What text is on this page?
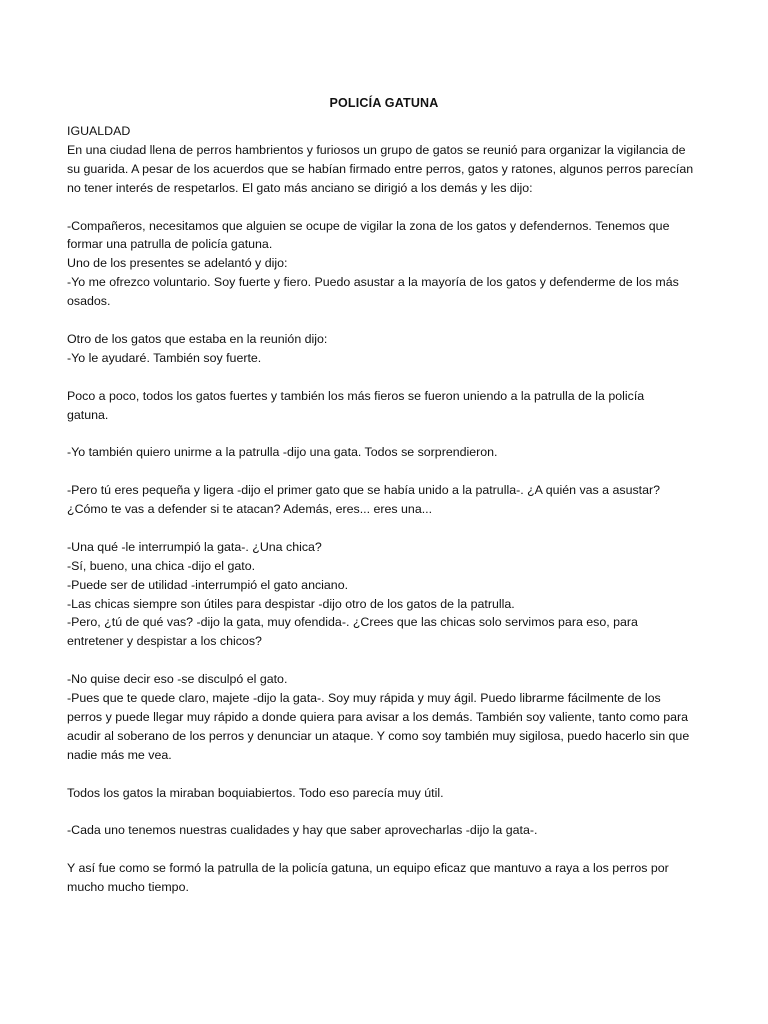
POLICÍA GATUNA

IGUALDAD

En una ciudad llena de perros hambrientos y furiosos un grupo de gatos se reunió para organizar la vigilancia de

su guarida. A pesar de los acuerdos que se habían firmado entre perros, gatos y ratones, algunos perros parecían

no tener interés de respetarlos. El gato más anciano se dirigió a los demás y les dijo:

-Compañeros, necesitamos que alguien se ocupe de vigilar la zona de los gatos y defendernos. Tenemos que

formar una patrulla de policía gatuna.

Uno de los presentes se adelantó y dijo:

-Yo me ofrezco voluntario. Soy fuerte y fiero. Puedo asustar a la mayoría de los gatos y defenderme de los más

osados.

Otro de los gatos que estaba en la reunión dijo:

-Yo le ayudaré. También soy fuerte.

Poco a poco, todos los gatos fuertes y también los más fieros se fueron uniendo a la patrulla de la policía

gatuna.

-Yo también quiero unirme a la patrulla -dijo una gata. Todos se sorprendieron.

-Pero tú eres pequeña y ligera -dijo el primer gato que se había unido a la patrulla-. ¿A quién vas a asustar?

¿Cómo te vas a defender si te atacan? Además, eres... eres una...

-Una qué -le interrumpió la gata-. ¿Una chica?

-Sí, bueno, una chica -dijo el gato.

-Puede ser de utilidad -interrumpió el gato anciano.

-Las chicas siempre son útiles para despistar -dijo otro de los gatos de la patrulla.

-Pero, ¿tú de qué vas? -dijo la gata, muy ofendida-. ¿Crees que las chicas solo servimos para eso, para

entretener y despistar a los chicos?

-No quise decir eso -se disculpó el gato.

-Pues que te quede claro, majete -dijo la gata-. Soy muy rápida y muy ágil. Puedo librarme fácilmente de los

perros y puede llegar muy rápido a donde quiera para avisar a los demás. También soy valiente, tanto como para

acudir al soberano de los perros y denunciar un ataque. Y como soy también muy sigilosa, puedo hacerlo sin que

nadie más me vea.

Todos los gatos la miraban boquiabiertos. Todo eso parecía muy útil.

-Cada uno tenemos nuestras cualidades y hay que saber aprovecharlas -dijo la gata-.

Y así fue como se formó la patrulla de la policía gatuna, un equipo eficaz que mantuvo a raya a los perros por

mucho mucho tiempo.
